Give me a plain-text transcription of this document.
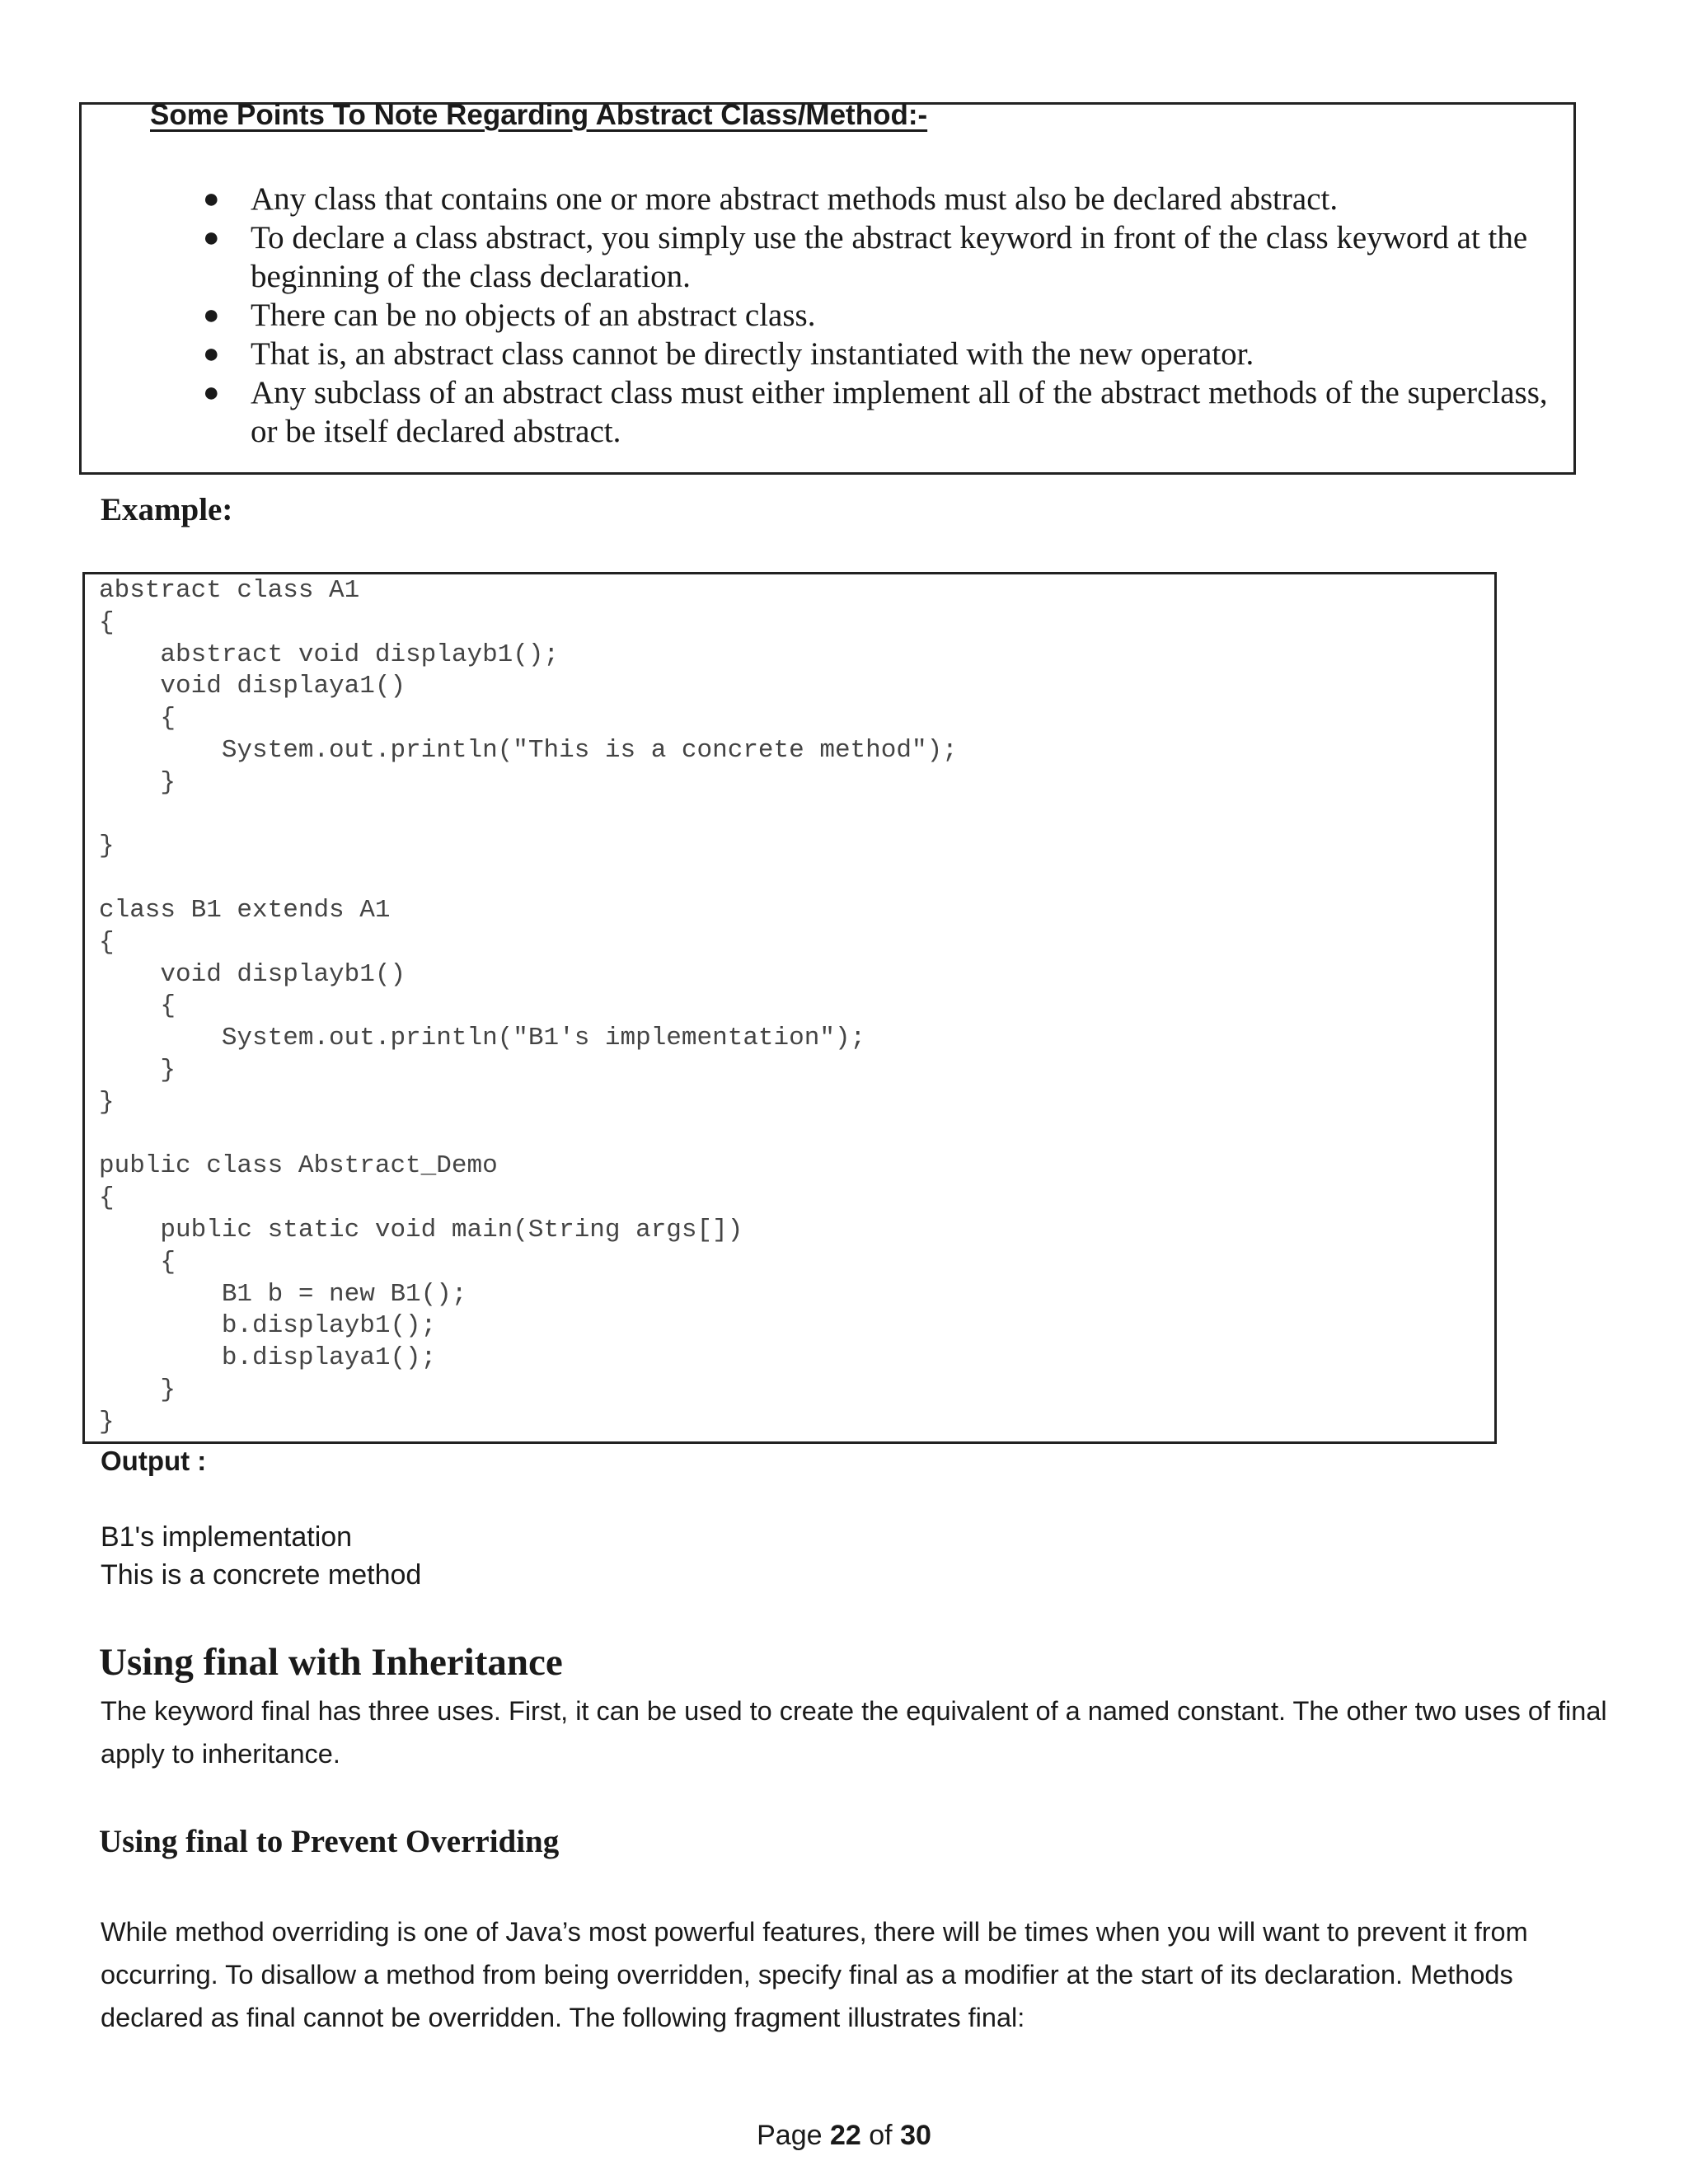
Some Points To Note Regarding Abstract Class/Method:-

● Any class that contains one or more abstract methods must also be declared abstract.
● To declare a class abstract, you simply use the abstract keyword in front of the class keyword at the beginning of the class declaration.
● There can be no objects of an abstract class.
● That is, an abstract class cannot be directly instantiated with the new operator.
● Any subclass of an abstract class must either implement all of the abstract methods of the superclass, or be itself declared abstract.

Example:

abstract class A1
{
abstract void displayb1();
void displaya1()
{
System.out.println("This is a concrete method");
}

}

class B1 extends A1
{
void displayb1()
{
System.out.println("B1's implementation");
}
}

public class Abstract_Demo
{
public static void main(String args[])
{
B1 b = new B1();
b.displayb1();
b.displaya1();
}
}

Output :

B1's implementation
This is a concrete method
Using final with Inheritance

The keyword final has three uses. First, it can be used to create the equivalent of a named constant. The other two uses of final apply to inheritance.

Using final to Prevent Overriding

While method overriding is one of Java’s most powerful features, there will be times when you will want to prevent it from occurring. To disallow a method from being overridden, specify final as a modifier at the start of its declaration. Methods declared as final cannot be overridden. The following fragment illustrates final:

Page 22 of 30
